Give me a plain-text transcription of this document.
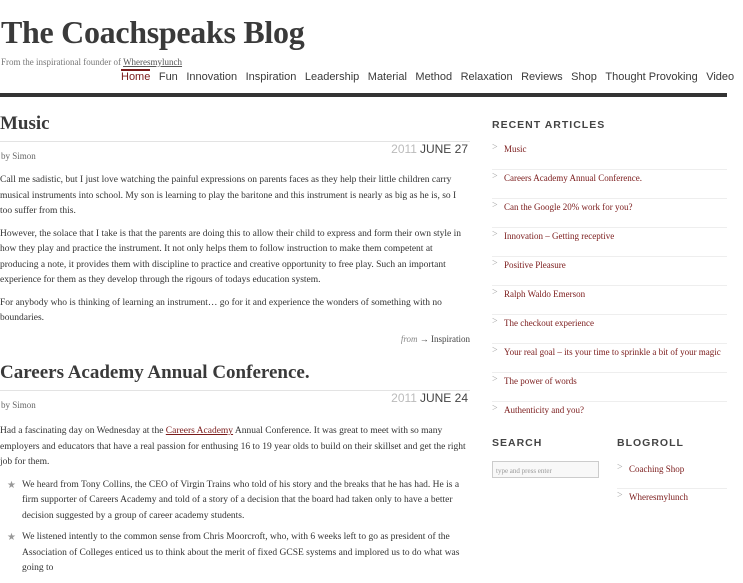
The Coachspeaks Blog
From the inspirational founder of Wheresmylunch
Home Fun Innovation Inspiration Leadership Material Method Relaxation Reviews Shop Thought Provoking Video
Music
by Simon	2011 JUNE 27

Call me sadistic, but I just love watching the painful expressions on parents faces as they help their little children carry musical instruments into school. My son is learning to play the baritone and this instrument is nearly as big as he is, so I too suffer from this.

However, the solace that I take is that the parents are doing this to allow their child to express and form their own style in how they play and practice the instrument. It not only helps them to follow instruction to make them competent at producing a note, it provides them with discipline to practice and creative opportunity to free play. Such an important experience for them as they develop through the rigours of todays education system.

For anybody who is thinking of learning an instrument… go for it and experience the wonders of something with no boundaries.

from → Inspiration
Careers Academy Annual Conference.
by Simon	2011 JUNE 24

Had a fascinating day on Wednesday at the Careers Academy Annual Conference. It was great to meet with so many employers and educators that have a real passion for enthusing 16 to 19 year olds to build on their skillset and get the right job for them.

★ We heard from Tony Collins, the CEO of Virgin Trains who told of his story and the breaks that he has had. He is a firm supporter of Careers Academy and told of a story of a decision that the board had taken only to have a better decision suggested by a group of career academy students.
★ We listened intently to the common sense from Chris Moorcroft, who, with 6 weeks left to go as president of the Association of Colleges enticed us to think about the merit of fixed GCSE systems and implored us to do what was going to
RECENT ARTICLES
> Music
> Careers Academy Annual Conference.
> Can the Google 20% work for you?
> Innovation – Getting receptive
> Positive Pleasure
> Ralph Waldo Emerson
> The checkout experience
> Your real goal – its your time to sprinkle a bit of your magic
> The power of words
> Authenticity and you?
SEARCH
type and press enter
BLOGROLL
> Coaching Shop
> Wheresmylunch
